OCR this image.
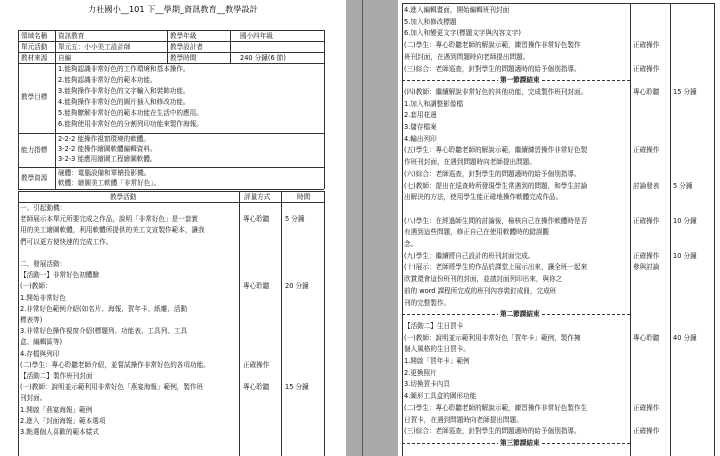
力社國小__101 下__學期_資訊教育__教學設計
領域名稱 資訊教育	教學年級	國小四年級
單元活動 單元五：小小美工設計師	教學設計者
教材來源 自編	教學時間	240 分鐘(6 節)
教學目標
1.能夠認識非常好色的工作環境和基本操作。
2.能夠認識非常好色的範本功能。
3.能夠操作非常好色的文字輸入和裝飾功能。
4.能夠操作非常好色的圖片插入和修改功能。
5.能夠瞭解非常好色的範本功能在生活中的應用。
6.能夠使用非常好色的分割列印功能來製作海報。
能力指標
2-2-2 能操作視窗環境的軟體。
3-2-2 能操作繪圖軟體編輯資料。
3-2-3 能應用繪圖工程繪圖軟體。
教學資源
硬體：電腦設備和單槍投影機。
軟體：繪圖美工軟體「非常好色」。
教學活動	評量方式	時間
一、引起動機：
老師展示本單元所要完成之作品，說明「非常好色」是一套實	專心聆聽 5 分鐘
用的美工繪圖軟體，利用軟體所提供的美工文宣製作範本，讓我
們可以更方便快速的完成工作。
二、發展活動：
【活動一】非常好色初體驗
(一)教師：	專心聆聽 20 分鐘
1.開始非常好色
2.非常好色範例介紹(如名片、海報、賀年卡、紙雕、活動
標表等)
3.非常好色操作視窗介紹(標題列、功能表、工具列、工具
盒、編輯區等)
4.存檔與列印
(二)學生：專心聆聽老師介紹，並嘗試操作非常好色的各項功能。	正確操作
【活動二】製作班刊封面
(一)教師：說明並示範利用非常好色「燕宴海報」範例，製作班	專心聆聽 15 分鐘
刊封面。
1.開啟「燕宴海報」範例
2.進入「封面海報」範本選項
3.點選個人喜歡的範本樣式
4.進入編輯畫面，開始編輯班刊封面
5.加入和修改標題
6.加入和變更文字(標題文字與內容文字)
(二)學生：專心聆聽老師的解說示範，練習操作非常好色製作	正確操作
班刊封面，在遇到問題時向老師提出問題。
(三)綜合：老師巡查，針對學生的問題適時的給予個別指導。	正確操作
第一節課結束
(四)教師：繼續解說非常好色的其他功能，完成製作班刊封面。	專心聆聽 15 分鐘
1.加入和調整影像檔
2.套用花邊
3.儲存檔案
4.輸出列印
(五)學生：專心聆聽老師的解說示範，繼續練習操作非常好色製	正確操作
作班刊封面，在遇到問題時向老師提出問題。
(六)綜合：老師巡查，針對學生的問題適時的給予個別指導。
(七)教師：提出在巡查時所發現學生常遇到的問題，和學生討論	討論發表 5 分鐘
出解決的方法，使用學生能正確地操作軟體完成作品。
(八)學生：在經過師生間的討論後，檢核自己在操作軟體時是否	正確操作 10 分鐘
有遇到這些問題，修正自己在使用軟體時的錯誤觀
念。
(九)學生：繼續將自己設計的班刊封面完成。	正確操作 10 分鐘
(十)展示：老師將學生的作品於課堂上展示出來，讓全班一起來	參與討論
欣賞還會這份班刊的封面，並請封面列印出來，與你之
前的 word 課程所完成的班刊內容裝釘成冊，完成班
刊的完整製作。
第二節課結束
【活動二】生日賀卡
(一)教師：說明並示範利用非常好色「賀年卡」範例，製作擁	專心聆聽 40 分鐘
個人風格的生日賀卡。
1.開啟「賀年卡」範例
2.更換照片
3.切換賀卡內頁
4.圖形工具盒的圖形功能
(二)學生：專心聆聽老師的解說示範，練習操作非常好色製作生	正確操作
日賀卡，在遇到問題時向老師提出問題。
(三)綜合：老師巡查，針對學生的問題適時的給予個別指導。	正確操作
第三節課結束
